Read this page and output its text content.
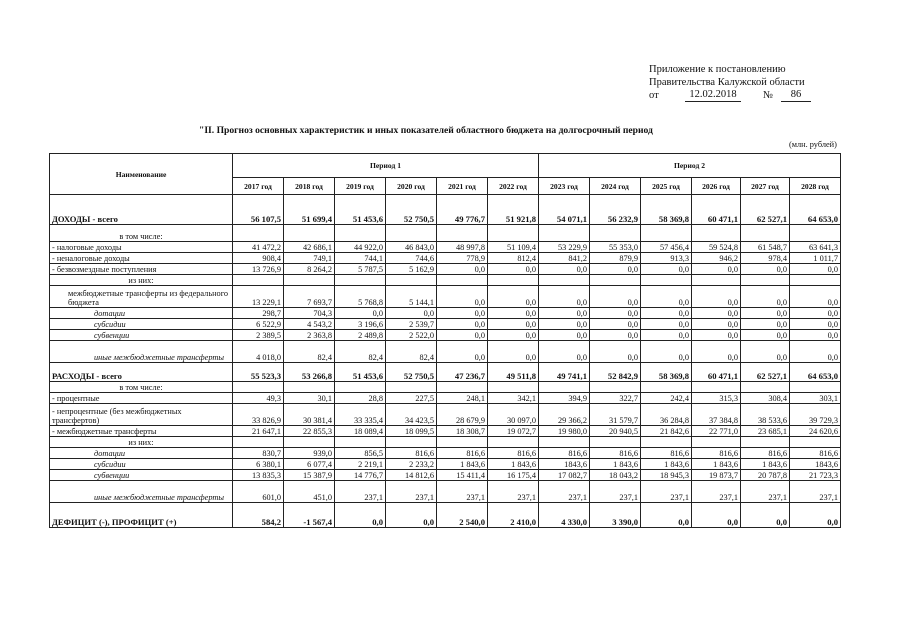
Приложение к постановлению
Правительства Калужской области
от	12.02.2018	№	86
"II. Прогноз основных характеристик и иных показателей областного бюджета на долгосрочный период
(млн. рублей)
Наименование	Период 1						Период 2					
	2017 год	2018 год	2019 год	2020 год	2021 год	2022 год	2023 год	2024 год	2025 год	2026 год	2027 год	2028 год
ДОХОДЫ - всего	56 107,5	51 699,4	51 453,6	52 750,5	49 776,7	51 921,8	54 071,1	56 232,9	58 369,8	60 471,1	62 527,1	64 653,0
в том числе:												
- налоговые доходы	41 472,2	42 686,1	44 922,0	46 843,0	48 997,8	51 109,4	53 229,9	55 353,0	57 456,4	59 524,8	61 548,7	63 641,3
- неналоговые доходы	908,4	749,1	744,1	744,6	778,9	812,4	841,2	879,9	913,3	946,2	978,4	1 011,7
- безвозмездные поступления	13 726,9	8 264,2	5 787,5	5 162,9	0,0	0,0	0,0	0,0	0,0	0,0	0,0	0,0
из них:												
межбюджетные трансферты из федерального бюджета	13 229,1	7 693,7	5 768,8	5 144,1	0,0	0,0	0,0	0,0	0,0	0,0	0,0	0,0
дотации	298,7	704,3	0,0	0,0	0,0	0,0	0,0	0,0	0,0	0,0	0,0	0,0
субсидии	6 522,9	4 543,2	3 196,6	2 539,7	0,0	0,0	0,0	0,0	0,0	0,0	0,0	0,0
субвенции	2 389,5	2 363,8	2 489,8	2 522,0	0,0	0,0	0,0	0,0	0,0	0,0	0,0	0,0
иные межбюджетные трансферты	4 018,0	82,4	82,4	82,4	0,0	0,0	0,0	0,0	0,0	0,0	0,0	0,0
РАСХОДЫ - всего	55 523,3	53 266,8	51 453,6	52 750,5	47 236,7	49 511,8	49 741,1	52 842,9	58 369,8	60 471,1	62 527,1	64 653,0
в том числе:												
- процентные	49,3	30,1	28,8	227,5	248,1	342,1	394,9	322,7	242,4	315,3	308,4	303,1
- непроцентные (без межбюджетных трансфертов)	33 826,9	30 381,4	33 335,4	34 423,5	28 679,9	30 097,0	29 366,2	31 579,7	36 284,8	37 384,8	38 533,6	39 729,3
- межбюджетные трансферты	21 647,1	22 855,3	18 089,4	18 099,5	18 308,7	19 072,7	19 980,0	20 940,5	21 842,6	22 771,0	23 685,1	24 620,6
из них:												
дотации	830,7	939,0	856,5	816,6	816,6	816,6	816,6	816,6	816,6	816,6	816,6	816,6
субсидии	6 380,1	6 077,4	2 219,1	2 233,2	1 843,6	1 843,6	1843,6	1 843,6	1 843,6	1 843,6	1 843,6	1843,6
субвенции	13 835,3	15 387,9	14 776,7	14 812,6	15 411,4	16 175,4	17 082,7	18 043,2	18 945,3	19 873,7	20 787,8	21 723,3
иные межбюджетные трансферты	601,0	451,0	237,1	237,1	237,1	237,1	237,1	237,1	237,1	237,1	237,1	237,1
ДЕФИЦИТ (-), ПРОФИЦИТ (+)	584,2	-1 567,4	0,0	0,0	2 540,0	2 410,0	4 330,0	3 390,0	0,0	0,0	0,0	0,0
